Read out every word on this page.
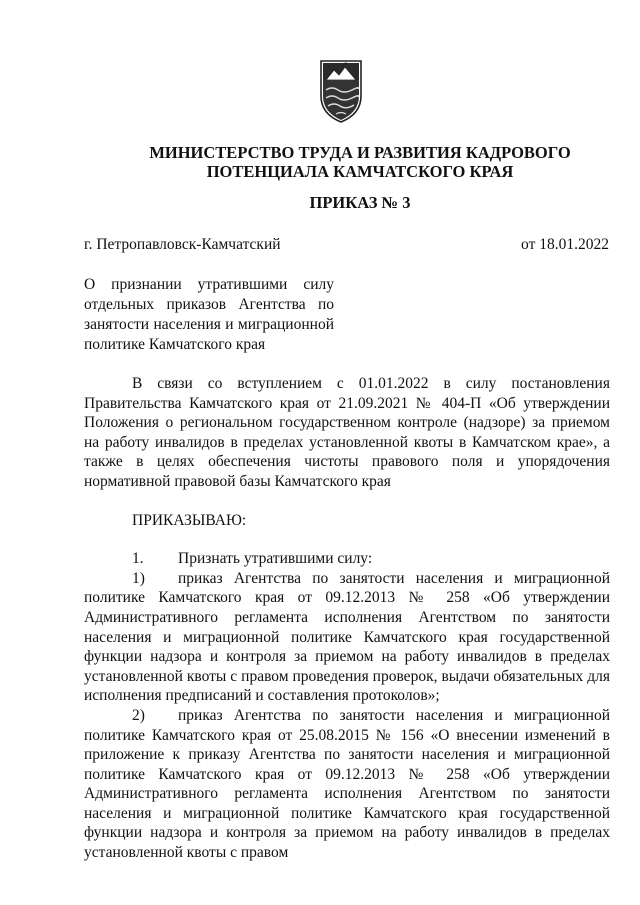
МИНИСТЕРСТВО ТРУДА И РАЗВИТИЯ КАДРОВОГО
ПОТЕНЦИАЛА КАМЧАТСКОГО КРАЯ
ПРИКАЗ № 3
г. Петропавловск-Камчатский	от 18.01.2022
О признании утратившими силу отдельных приказов Агентства по занятости населения и миграционной политике Камчатского края

В связи со вступлением с 01.01.2022 в силу постановления Правительства Камчатского края от 21.09.2021 № 404-П «Об утверждении Положения о региональном государственном контроле (надзоре) за приемом на работу инвалидов в пределах установленной квоты в Камчатском крае», а также в целях обеспечения чистоты правового поля и упорядочения нормативной правовой базы Камчатского края

ПРИКАЗЫВАЮ:

1. Признать утратившими силу:

1) приказ Агентства по занятости населения и миграционной политике Камчатского края от 09.12.2013 № 258 «Об утверждении Административного регламента исполнения Агентством по занятости населения и миграционной политике Камчатского края государственной функции надзора и контроля за приемом на работу инвалидов в пределах установленной квоты с правом проведения проверок, выдачи обязательных для исполнения предписаний и составления протоколов»;

2) приказ Агентства по занятости населения и миграционной политике Камчатского края от 25.08.2015 № 156 «О внесении изменений в приложение к приказу Агентства по занятости населения и миграционной политике Камчатского края от 09.12.2013 № 258 «Об утверждении Административного регламента исполнения Агентством по занятости населения и миграционной политике Камчатского края государственной функции надзора и контроля за приемом на работу инвалидов в пределах установленной квоты с правом
